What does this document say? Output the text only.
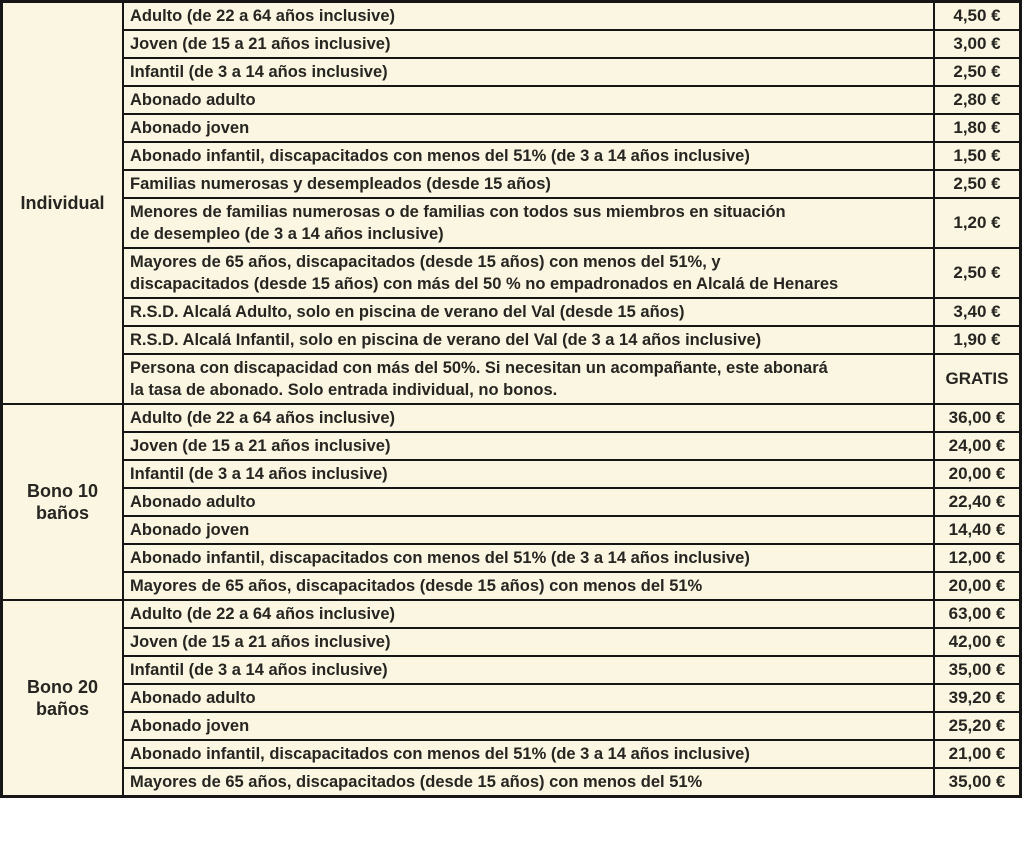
Individual	Adulto (de 22 a 64 años inclusive)	4,50 €
	Joven (de 15 a 21 años inclusive)	3,00 €
	Infantil (de 3 a 14 años inclusive)	2,50 €
	Abonado adulto	2,80 €
	Abonado joven	1,80 €
	Abonado infantil, discapacitados con menos del 51% (de 3 a 14 años inclusive)	1,50 €
	Familias numerosas y desempleados (desde 15 años)	2,50 €
	Menores de familias numerosas o de familias con todos sus miembros en situación
de desempleo (de 3 a 14 años inclusive)	1,20 €
	Mayores de 65 años, discapacitados (desde 15 años) con menos del 51%, y
discapacitados (desde 15 años) con más del 50 % no empadronados en Alcalá de Henares	2,50 €
	R.S.D. Alcalá Adulto, solo en piscina de verano del Val (desde 15 años)	3,40 €
	R.S.D. Alcalá Infantil, solo en piscina de verano del Val (de 3 a 14 años inclusive)	1,90 €
	Persona con discapacidad con más del 50%. Si necesitan un acompañante, este abonará
la tasa de abonado. Solo entrada individual, no bonos.	GRATIS
Bono 10 baños	Adulto (de 22 a 64 años inclusive)	36,00 €
	Joven (de 15 a 21 años inclusive)	24,00 €
	Infantil (de 3 a 14 años inclusive)	20,00 €
	Abonado adulto	22,40 €
	Abonado joven	14,40 €
	Abonado infantil, discapacitados con menos del 51% (de 3 a 14 años inclusive)	12,00 €
	Mayores de 65 años, discapacitados (desde 15 años) con menos del 51%	20,00 €
Bono 20 baños	Adulto (de 22 a 64 años inclusive)	63,00 €
	Joven (de 15 a 21 años inclusive)	42,00 €
	Infantil (de 3 a 14 años inclusive)	35,00 €
	Abonado adulto	39,20 €
	Abonado joven	25,20 €
	Abonado infantil, discapacitados con menos del 51% (de 3 a 14 años inclusive)	21,00 €
	Mayores de 65 años, discapacitados (desde 15 años) con menos del 51%	35,00 €
